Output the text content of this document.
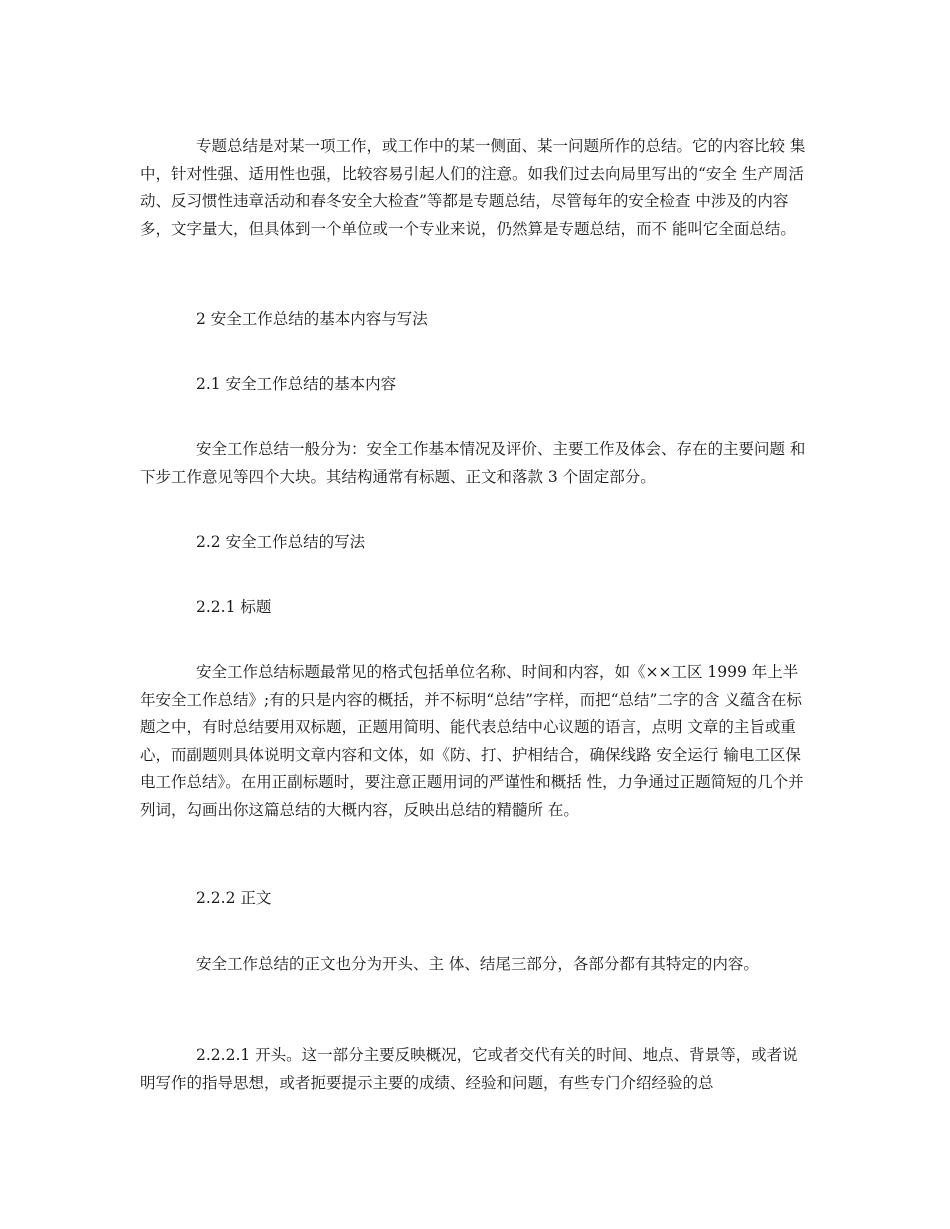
专题总结是对某一项工作，或工作中的某一侧面、某一问题所作的总结。它的内容比较 集中，针对性强、适用性也强，比较容易引起人们的注意。如我们过去向局里写出的“安全 生产周活动、反习惯性违章活动和春冬安全大检查”等都是专题总结，尽管每年的安全检查 中涉及的内容多，文字量大，但具体到一个单位或一个专业来说，仍然算是专题总结，而不 能叫它全面总结。

2 安全工作总结的基本内容与写法

2.1 安全工作总结的基本内容

安全工作总结一般分为：安全工作基本情况及评价、主要工作及体会、存在的主要问题 和下步工作意见等四个大块。其结构通常有标题、正文和落款 3 个固定部分。

2.2 安全工作总结的写法

2.2.1 标题

安全工作总结标题最常见的格式包括单位名称、时间和内容，如《××工区 1999 年上半 年安全工作总结》;有的只是内容的概括，并不标明“总结”字样，而把“总结”二字的含 义蕴含在标题之中，有时总结要用双标题，正题用简明、能代表总结中心议题的语言，点明 文章的主旨或重心，而副题则具体说明文章内容和文体，如《防、打、护相结合，确保线路 安全运行 输电工区保电工作总结》。在用正副标题时，要注意正题用词的严谨性和概括 性，力争通过正题简短的几个并列词，勾画出你这篇总结的大概内容，反映出总结的精髓所 在。

2.2.2 正文

安全工作总结的正文也分为开头、主 体、结尾三部分，各部分都有其特定的内容。

2.2.2.1 开头。这一部分主要反映概况，它或者交代有关的时间、地点、背景等，或者说 明写作的指导思想，或者扼要提示主要的成绩、经验和问题，有些专门介绍经验的总
